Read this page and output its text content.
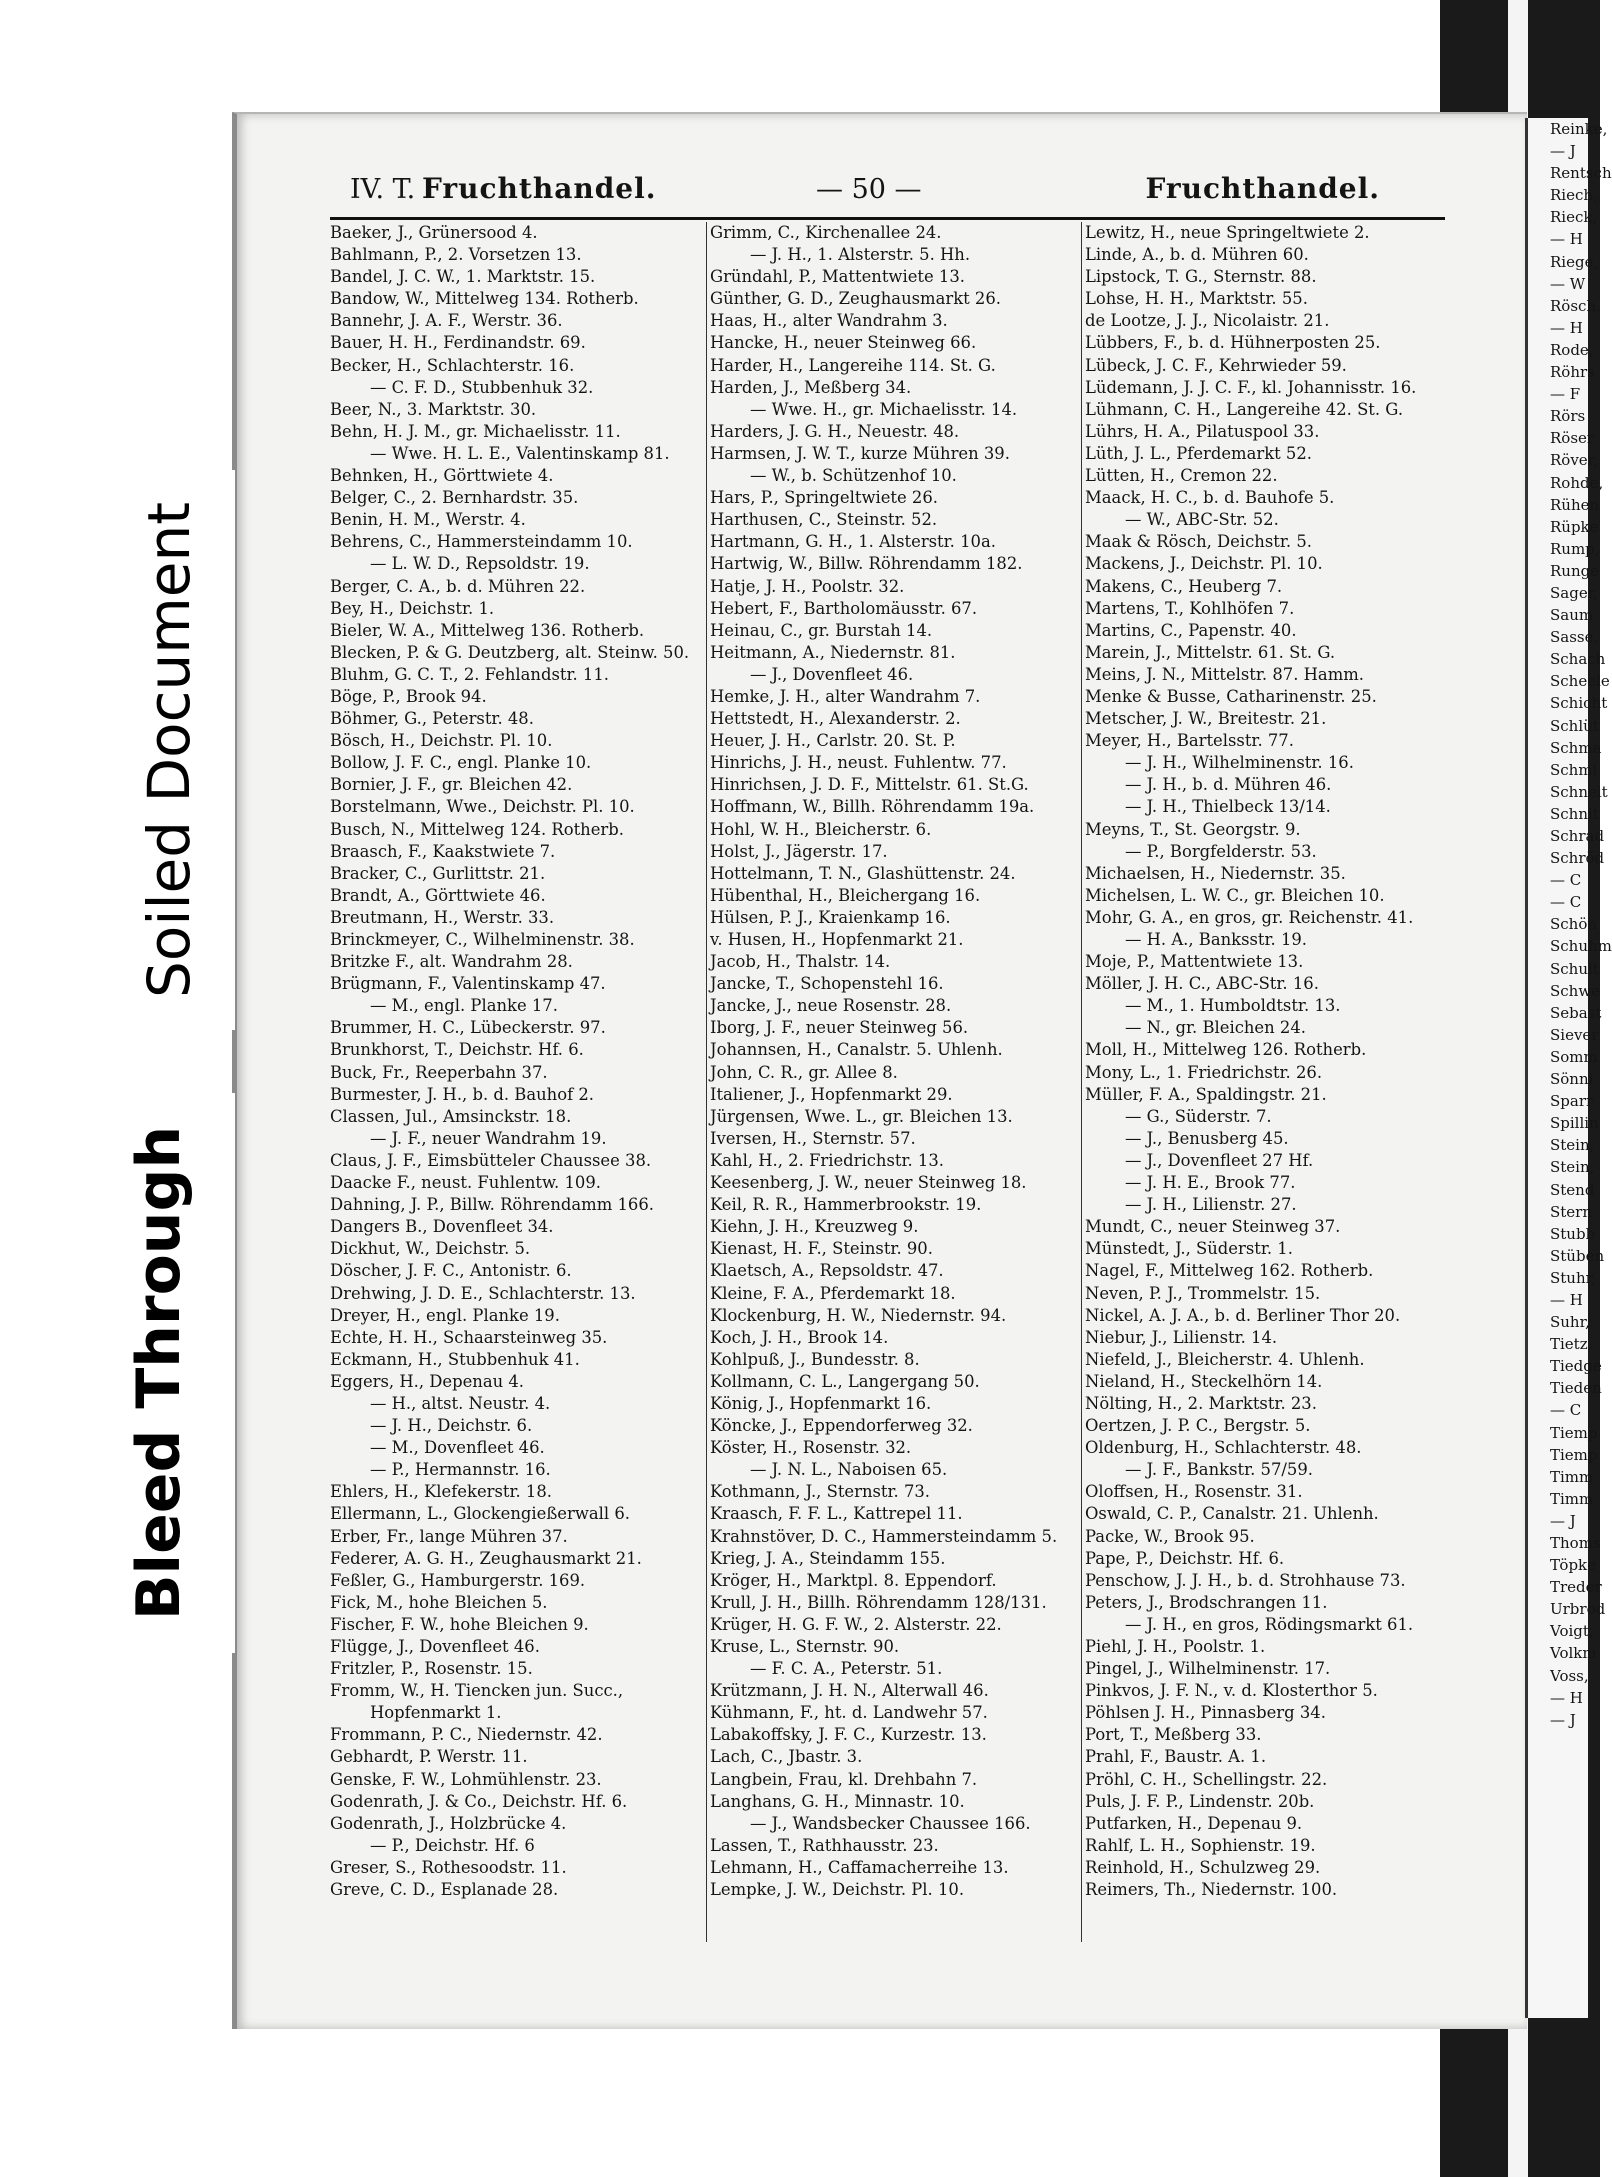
Reinke,
— J
Rentsch
Riech,
Rieck,
— H
Riege,
— W
Rösch,
— H
Rode,
Röhrs
— F
Rörs
Röser
Röver,
Rohde,
Rühen
Rüpke
Rump,
Runge
Sager,
Saum
Sasse,
Schach
Scheele
Schicht
Schlüt
Schma
Schmi
Schneit
Schnit
Schrad
Schröd
— C
— C
Schön
Schuhm
Schult
Schwe
Sebast
Siever
Somm
Sönni
Sparr
Spillin
Stein,
Stein,
Stend
Stern
Stubb
Stüben
Stuhr,
— H
Suhr,
Tietz,
Tiedge
Tieden
— C
Tiemp
Tiemp
Timm
Timm
— J
Thoms
Töpke
Treder
Urbrod
Voigt,
Volkm
Voss,
— H
— J
IV. T. Fruchthandel.	— 50 —	Fruchthandel.
Baeker, J., Grünersood 4.
Bahlmann, P., 2. Vorsetzen 13.
Bandel, J. C. W., 1. Marktstr. 15.
Bandow, W., Mittelweg 134. Rotherb.
Bannehr, J. A. F., Werstr. 36.
Bauer, H. H., Ferdinandstr. 69.
Becker, H., Schlachterstr. 16.
— C. F. D., Stubbenhuk 32.
Beer, N., 3. Marktstr. 30.
Behn, H. J. M., gr. Michaelisstr. 11.
— Wwe. H. L. E., Valentinskamp 81.
Behnken, H., Görttwiete 4.
Belger, C., 2. Bernhardstr. 35.
Benin, H. M., Werstr. 4.
Behrens, C., Hammersteindamm 10.
— L. W. D., Repsoldstr. 19.
Berger, C. A., b. d. Mühren 22.
Bey, H., Deichstr. 1.
Bieler, W. A., Mittelweg 136. Rotherb.
Blecken, P. & G. Deutzberg, alt. Steinw. 50.
Bluhm, G. C. T., 2. Fehlandstr. 11.
Böge, P., Brook 94.
Böhmer, G., Peterstr. 48.
Bösch, H., Deichstr. Pl. 10.
Bollow, J. F. C., engl. Planke 10.
Bornier, J. F., gr. Bleichen 42.
Borstelmann, Wwe., Deichstr. Pl. 10.
Busch, N., Mittelweg 124. Rotherb.
Braasch, F., Kaakstwiete 7.
Bracker, C., Gurlittstr. 21.
Brandt, A., Görttwiete 46.
Breutmann, H., Werstr. 33.
Brinckmeyer, C., Wilhelminenstr. 38.
Britzke F., alt. Wandrahm 28.
Brügmann, F., Valentinskamp 47.
— M., engl. Planke 17.
Brummer, H. C., Lübeckerstr. 97.
Brunkhorst, T., Deichstr. Hf. 6.
Buck, Fr., Reeperbahn 37.
Burmester, J. H., b. d. Bauhof 2.
Classen, Jul., Amsinckstr. 18.
— J. F., neuer Wandrahm 19.
Claus, J. F., Eimsbütteler Chaussee 38.
Daacke F., neust. Fuhlentw. 109.
Dahning, J. P., Billw. Röhrendamm 166.
Dangers B., Dovenfleet 34.
Dickhut, W., Deichstr. 5.
Döscher, J. F. C., Antonistr. 6.
Drehwing, J. D. E., Schlachterstr. 13.
Dreyer, H., engl. Planke 19.
Echte, H. H., Schaarsteinweg 35.
Eckmann, H., Stubbenhuk 41.
Eggers, H., Depenau 4.
— H., altst. Neustr. 4.
— J. H., Deichstr. 6.
— M., Dovenfleet 46.
— P., Hermannstr. 16.
Ehlers, H., Klefekerstr. 18.
Ellermann, L., Glockengießerwall 6.
Erber, Fr., lange Mühren 37.
Federer, A. G. H., Zeughausmarkt 21.
Feßler, G., Hamburgerstr. 169.
Fick, M., hohe Bleichen 5.
Fischer, F. W., hohe Bleichen 9.
Flügge, J., Dovenfleet 46.
Fritzler, P., Rosenstr. 15.
Fromm, W., H. Tiencken jun. Succ.,
Hopfenmarkt 1.
Frommann, P. C., Niedernstr. 42.
Gebhardt, P. Werstr. 11.
Genske, F. W., Lohmühlenstr. 23.
Godenrath, J. & Co., Deichstr. Hf. 6.
Godenrath, J., Holzbrücke 4.
— P., Deichstr. Hf. 6
Greser, S., Rothesoodstr. 11.
Greve, C. D., Esplanade 28.
Grimm, C., Kirchenallee 24.
— J. H., 1. Alsterstr. 5. Hh.
Gründahl, P., Mattentwiete 13.
Günther, G. D., Zeughausmarkt 26.
Haas, H., alter Wandrahm 3.
Hancke, H., neuer Steinweg 66.
Harder, H., Langereihe 114. St. G.
Harden, J., Meßberg 34.
— Wwe. H., gr. Michaelisstr. 14.
Harders, J. G. H., Neuestr. 48.
Harmsen, J. W. T., kurze Mühren 39.
— W., b. Schützenhof 10.
Hars, P., Springeltwiete 26.
Harthusen, C., Steinstr. 52.
Hartmann, G. H., 1. Alsterstr. 10a.
Hartwig, W., Billw. Röhrendamm 182.
Hatje, J. H., Poolstr. 32.
Hebert, F., Bartholomäusstr. 67.
Heinau, C., gr. Burstah 14.
Heitmann, A., Niedernstr. 81.
— J., Dovenfleet 46.
Hemke, J. H., alter Wandrahm 7.
Hettstedt, H., Alexanderstr. 2.
Heuer, J. H., Carlstr. 20. St. P.
Hinrichs, J. H., neust. Fuhlentw. 77.
Hinrichsen, J. D. F., Mittelstr. 61. St.G.
Hoffmann, W., Billh. Röhrendamm 19a.
Hohl, W. H., Bleicherstr. 6.
Holst, J., Jägerstr. 17.
Hottelmann, T. N., Glashüttenstr. 24.
Hübenthal, H., Bleichergang 16.
Hülsen, P. J., Kraienkamp 16.
v. Husen, H., Hopfenmarkt 21.
Jacob, H., Thalstr. 14.
Jancke, T., Schopenstehl 16.
Jancke, J., neue Rosenstr. 28.
Iborg, J. F., neuer Steinweg 56.
Johannsen, H., Canalstr. 5. Uhlenh.
John, C. R., gr. Allee 8.
Italiener, J., Hopfenmarkt 29.
Jürgensen, Wwe. L., gr. Bleichen 13.
Iversen, H., Sternstr. 57.
Kahl, H., 2. Friedrichstr. 13.
Keesenberg, J. W., neuer Steinweg 18.
Keil, R. R., Hammerbrookstr. 19.
Kiehn, J. H., Kreuzweg 9.
Kienast, H. F., Steinstr. 90.
Klaetsch, A., Repsoldstr. 47.
Kleine, F. A., Pferdemarkt 18.
Klockenburg, H. W., Niedernstr. 94.
Koch, J. H., Brook 14.
Kohlpuß, J., Bundesstr. 8.
Kollmann, C. L., Langergang 50.
König, J., Hopfenmarkt 16.
Köncke, J., Eppendorferweg 32.
Köster, H., Rosenstr. 32.
— J. N. L., Naboisen 65.
Kothmann, J., Sternstr. 73.
Kraasch, F. F. L., Kattrepel 11.
Krahnstöver, D. C., Hammersteindamm 5.
Krieg, J. A., Steindamm 155.
Kröger, H., Marktpl. 8. Eppendorf.
Krull, J. H., Billh. Röhrendamm 128/131.
Krüger, H. G. F. W., 2. Alsterstr. 22.
Kruse, L., Sternstr. 90.
— F. C. A., Peterstr. 51.
Krützmann, J. H. N., Alterwall 46.
Kühmann, F., ht. d. Landwehr 57.
Labakoffsky, J. F. C., Kurzestr. 13.
Lach, C., Jbastr. 3.
Langbein, Frau, kl. Drehbahn 7.
Langhans, G. H., Minnastr. 10.
— J., Wandsbecker Chaussee 166.
Lassen, T., Rathhausstr. 23.
Lehmann, H., Caffamacherreihe 13.
Lempke, J. W., Deichstr. Pl. 10.
Lewitz, H., neue Springeltwiete 2.
Linde, A., b. d. Mühren 60.
Lipstock, T. G., Sternstr. 88.
Lohse, H. H., Marktstr. 55.
de Lootze, J. J., Nicolaistr. 21.
Lübbers, F., b. d. Hühnerposten 25.
Lübeck, J. C. F., Kehrwieder 59.
Lüdemann, J. J. C. F., kl. Johannisstr. 16.
Lühmann, C. H., Langereihe 42. St. G.
Lührs, H. A., Pilatuspool 33.
Lüth, J. L., Pferdemarkt 52.
Lütten, H., Cremon 22.
Maack, H. C., b. d. Bauhofe 5.
— W., ABC-Str. 52.
Maak & Rösch, Deichstr. 5.
Mackens, J., Deichstr. Pl. 10.
Makens, C., Heuberg 7.
Martens, T., Kohlhöfen 7.
Martins, C., Papenstr. 40.
Marein, J., Mittelstr. 61. St. G.
Meins, J. N., Mittelstr. 87. Hamm.
Menke & Busse, Catharinenstr. 25.
Metscher, J. W., Breitestr. 21.
Meyer, H., Bartelsstr. 77.
— J. H., Wilhelminenstr. 16.
— J. H., b. d. Mühren 46.
— J. H., Thielbeck 13/14.
Meyns, T., St. Georgstr. 9.
— P., Borgfelderstr. 53.
Michaelsen, H., Niedernstr. 35.
Michelsen, L. W. C., gr. Bleichen 10.
Mohr, G. A., en gros, gr. Reichenstr. 41.
— H. A., Banksstr. 19.
Moje, P., Mattentwiete 13.
Möller, J. H. C., ABC-Str. 16.
— M., 1. Humboldtstr. 13.
— N., gr. Bleichen 24.
Moll, H., Mittelweg 126. Rotherb.
Mony, L., 1. Friedrichstr. 26.
Müller, F. A., Spaldingstr. 21.
— G., Süderstr. 7.
— J., Benusberg 45.
— J., Dovenfleet 27 Hf.
— J. H. E., Brook 77.
— J. H., Lilienstr. 27.
Mundt, C., neuer Steinweg 37.
Münstedt, J., Süderstr. 1.
Nagel, F., Mittelweg 162. Rotherb.
Neven, P. J., Trommelstr. 15.
Nickel, A. J. A., b. d. Berliner Thor 20.
Niebur, J., Lilienstr. 14.
Niefeld, J., Bleicherstr. 4. Uhlenh.
Nieland, H., Steckelhörn 14.
Nölting, H., 2. Marktstr. 23.
Oertzen, J. P. C., Bergstr. 5.
Oldenburg, H., Schlachterstr. 48.
— J. F., Bankstr. 57/59.
Oloffsen, H., Rosenstr. 31.
Oswald, C. P., Canalstr. 21. Uhlenh.
Packe, W., Brook 95.
Pape, P., Deichstr. Hf. 6.
Penschow, J. J. H., b. d. Strohhause 73.
Peters, J., Brodschrangen 11.
— J. H., en gros, Rödingsmarkt 61.
Piehl, J. H., Poolstr. 1.
Pingel, J., Wilhelminenstr. 17.
Pinkvos, J. F. N., v. d. Klosterthor 5.
Pöhlsen J. H., Pinnasberg 34.
Port, T., Meßberg 33.
Prahl, F., Baustr. A. 1.
Pröhl, C. H., Schellingstr. 22.
Puls, J. F. P., Lindenstr. 20b.
Putfarken, H., Depenau 9.
Rahlf, L. H., Sophienstr. 19.
Reinhold, H., Schulzweg 29.
Reimers, Th., Niedernstr. 100.
Soiled Document
Bleed Through
